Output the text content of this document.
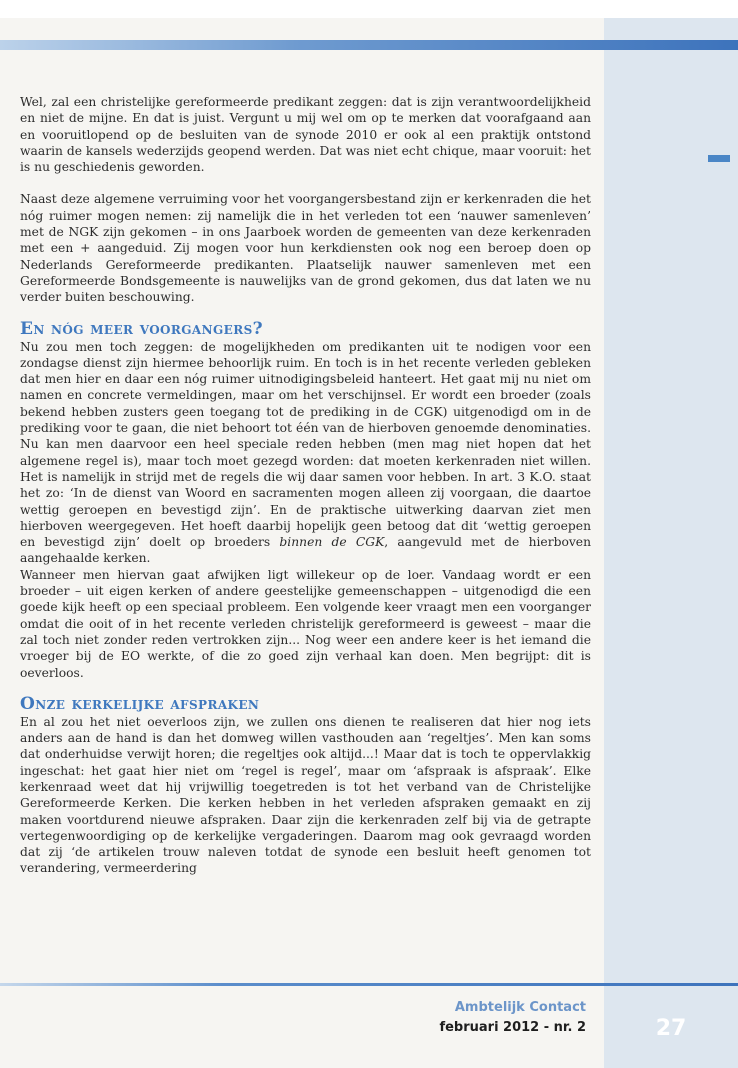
Wel, zal een christelijke gereformeerde predikant zeggen: dat is zijn verantwoordelijkheid en niet de mijne. En dat is juist. Vergunt u mij wel om op te merken dat voorafgaand aan en vooruitlopend op de besluiten van de synode 2010 er ook al een praktijk ontstond waarin de kansels wederzijds geopend werden. Dat was niet echt chique, maar vooruit: het is nu geschiedenis geworden.

Naast deze algemene verruiming voor het voorgangersbestand zijn er kerkenraden die het nóg ruimer mogen nemen: zij namelijk die in het verleden tot een ‘nauwer samenleven’ met de NGK zijn gekomen – in ons Jaarboek worden de gemeenten van deze kerkenraden met een + aangeduid. Zij mogen voor hun kerkdiensten ook nog een beroep doen op Nederlands Gereformeerde predikanten. Plaatselijk nauwer samenleven met een Gereformeerde Bondsgemeente is nauwelijks van de grond gekomen, dus dat laten we nu verder buiten beschouwing.

En nóg meer voorgangers?

Nu zou men toch zeggen: de mogelijkheden om predikanten uit te nodigen voor een zondagse dienst zijn hiermee behoorlijk ruim. En toch is in het recente verleden gebleken dat men hier en daar een nóg ruimer uitnodigingsbeleid hanteert. Het gaat mij nu niet om namen en concrete vermeldingen, maar om het verschijnsel. Er wordt een broeder (zoals bekend hebben zusters geen toegang tot de prediking in de CGK) uitgenodigd om in de prediking voor te gaan, die niet behoort tot één van de hierboven genoemde denominaties. Nu kan men daarvoor een heel speciale reden hebben (men mag niet hopen dat het algemene regel is), maar toch moet gezegd worden: dat moeten kerkenraden niet willen. Het is namelijk in strijd met de regels die wij daar samen voor hebben. In art. 3 K.O. staat het zo: ‘In de dienst van Woord en sacramenten mogen alleen zij voorgaan, die daartoe wettig geroepen en bevestigd zijn’. En de praktische uitwerking daarvan ziet men hierboven weergegeven. Het hoeft daarbij hopelijk geen betoog dat dit ‘wettig geroepen en bevestigd zijn’ doelt op broeders binnen de CGK, aangevuld met de hierboven aangehaalde kerken.

Wanneer men hiervan gaat afwijken ligt willekeur op de loer. Vandaag wordt er een broeder – uit eigen kerken of andere geestelijke gemeenschappen – uitgenodigd die een goede kijk heeft op een speciaal probleem. Een volgende keer vraagt men een voorganger omdat die ooit of in het recente verleden christelijk gereformeerd is geweest – maar die zal toch niet zonder reden vertrokken zijn... Nog weer een andere keer is het iemand die vroeger bij de EO werkte, of die zo goed zijn verhaal kan doen. Men begrijpt: dit is oeverloos.

Onze kerkelijke afspraken

En al zou het niet oeverloos zijn, we zullen ons dienen te realiseren dat hier nog iets anders aan de hand is dan het domweg willen vasthouden aan ‘regeltjes’. Men kan soms dat onderhuidse verwijt horen; die regeltjes ook altijd...! Maar dat is toch te oppervlakkig ingeschat: het gaat hier niet om ‘regel is regel’, maar om ‘afspraak is afspraak’. Elke kerkenraad weet dat hij vrijwillig toegetreden is tot het verband van de Christelijke Gereformeerde Kerken. Die kerken hebben in het verleden afspraken gemaakt en zij maken voortdurend nieuwe afspraken. Daar zijn die kerkenraden zelf bij via de getrapte vertegenwoordiging op de kerkelijke vergaderingen. Daarom mag ook gevraagd worden dat zij ‘de artikelen trouw naleven totdat de synode een besluit heeft genomen tot verandering, vermeerdering

Ambtelijk Contact
februari 2012 - nr. 2	27
